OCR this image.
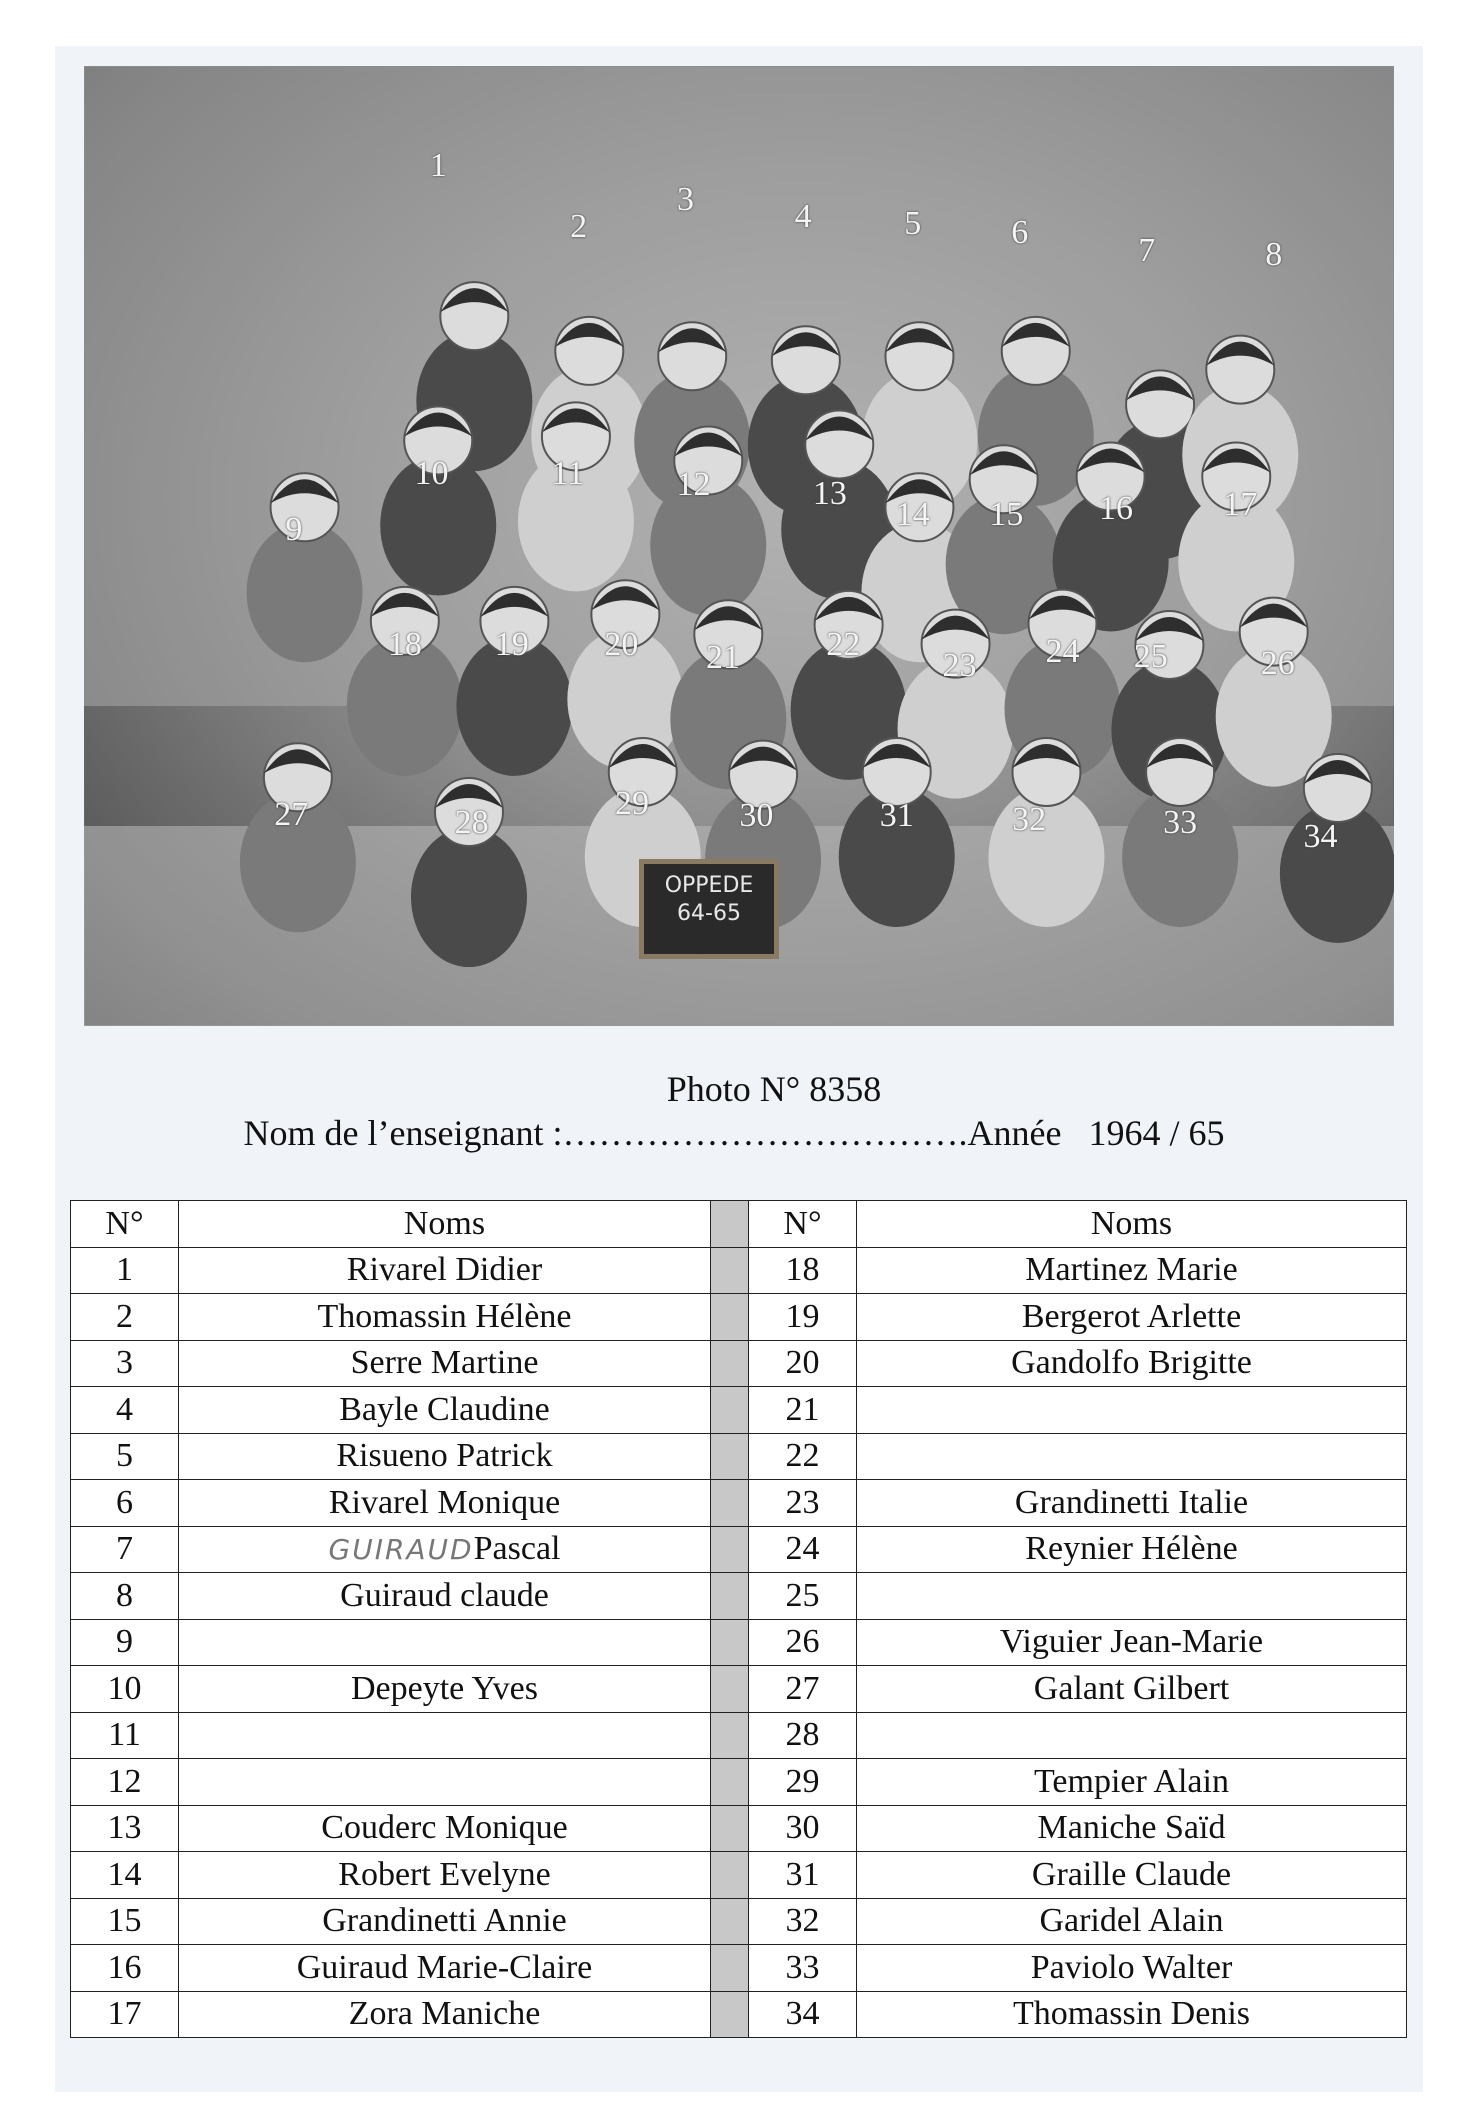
OPPEDE
64-65
1
2
3	4	5	6	7	8
9
10	11	12	13
14 15 16	17
18 19 20 21	22
23 24 25	26
27	28
29	30	31	32	33	34
Photo N° 8358
Nom de l’enseignant :…………………………….Année 1964 / 65
N°	Noms		N°	Noms
1	Rivarel Didier		18	Martinez Marie
2	Thomassin Hélène		19	Bergerot Arlette
3	Serre Martine		20	Gandolfo Brigitte
4	Bayle Claudine		21	
5	Risueno Patrick		22	
6	Rivarel Monique		23	Grandinetti Italie
7	GUIRAUDPascal		24	Reynier Hélène
8	Guiraud claude		25	
9			26	Viguier Jean-Marie
10	Depeyte Yves		27	Galant Gilbert
11			28	
12			29	Tempier Alain
13	Couderc Monique		30	Maniche Saïd
14	Robert Evelyne		31	Graille Claude
15	Grandinetti Annie		32	Garidel Alain
16	Guiraud Marie-Claire		33	Paviolo Walter
17	Zora Maniche		34	Thomassin Denis
